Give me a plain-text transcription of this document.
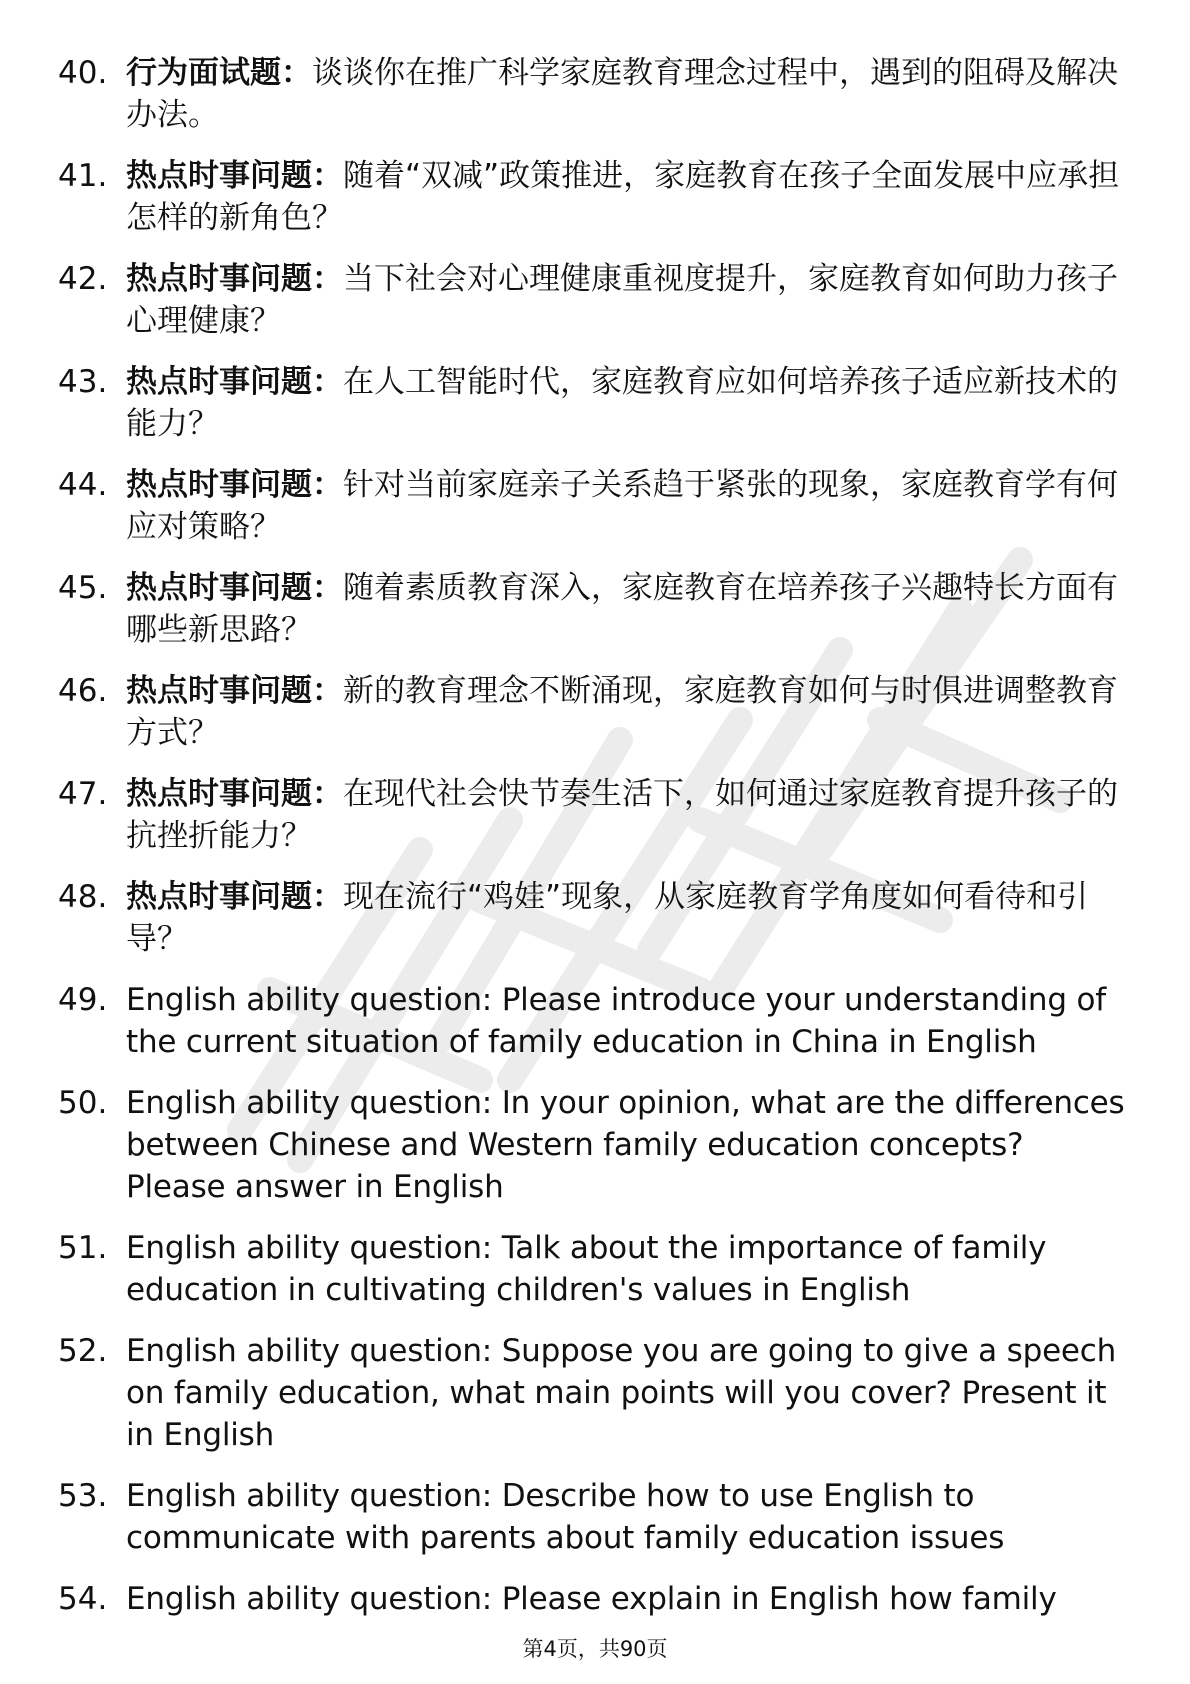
40. 行为面试题：谈谈你在推广科学家庭教育理念过程中，遇到的阻碍及解决办法。
41. 热点时事问题：随着“双减”政策推进，家庭教育在孩子全面发展中应承担怎样的新角色？
42. 热点时事问题：当下社会对心理健康重视度提升，家庭教育如何助力孩子心理健康？
43. 热点时事问题：在人工智能时代，家庭教育应如何培养孩子适应新技术的能力？
44. 热点时事问题：针对当前家庭亲子关系趋于紧张的现象，家庭教育学有何应对策略？
45. 热点时事问题：随着素质教育深入，家庭教育在培养孩子兴趣特长方面有哪些新思路？
46. 热点时事问题：新的教育理念不断涌现，家庭教育如何与时俱进调整教育方式？
47. 热点时事问题：在现代社会快节奏生活下，如何通过家庭教育提升孩子的抗挫折能力？
48. 热点时事问题：现在流行“鸡娃”现象，从家庭教育学角度如何看待和引导？
49. English ability question: Please introduce your understanding of the current situation of family education in China in English
50. English ability question: In your opinion, what are the differences between Chinese and Western family education concepts? Please answer in English
51. English ability question: Talk about the importance of family education in cultivating children's values in English
52. English ability question: Suppose you are going to give a speech on family education, what main points will you cover? Present it in English
53. English ability question: Describe how to use English to communicate with parents about family education issues
54. English ability question: Please explain in English how family
第4页，共90页
